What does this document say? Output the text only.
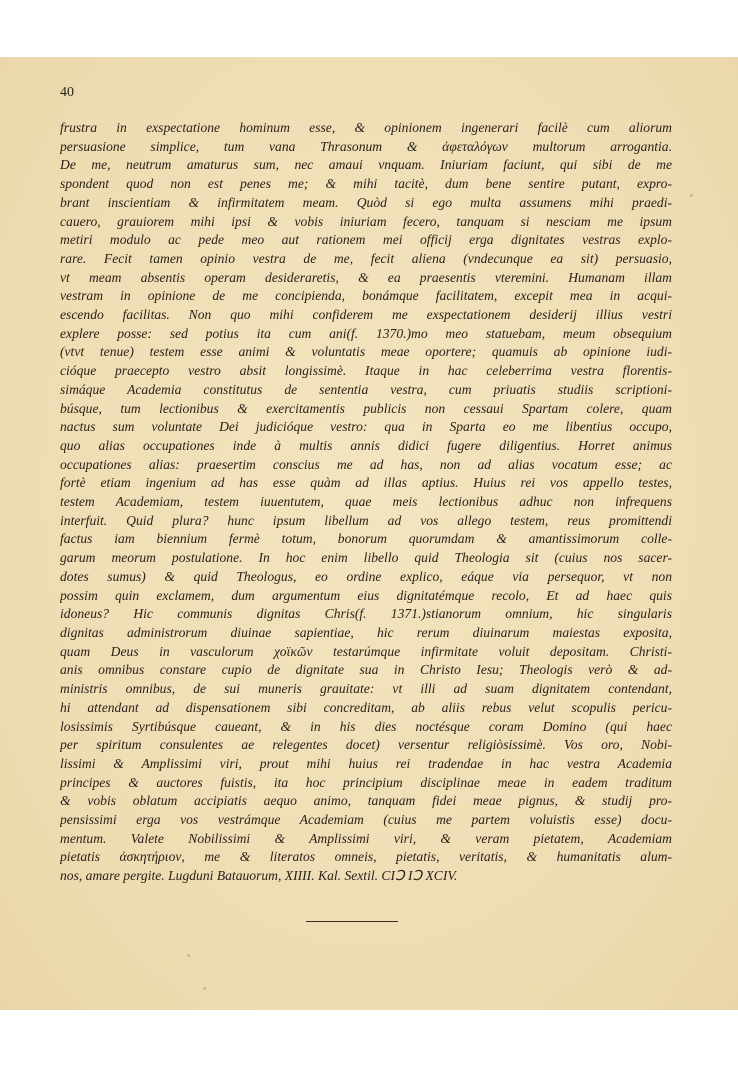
40
frustra in exspectatione hominum esse, & opinionem ingenerari facilè cum aliorum
persuasione simplice, tum vana Thrasonum & ἀφεταλόγων multorum arrogantia.
De me, neutrum amaturus sum, nec amaui vnquam. Iniuriam faciunt, qui sibi de me
spondent quod non est penes me; & mihi tacitè, dum bene sentire putant, expro-
brant inscientiam & infirmitatem meam. Quòd si ego multa assumens mihi praedi-
cauero, grauiorem mihi ipsi & vobis iniuriam fecero, tanquam si nesciam me ipsum
metiri modulo ac pede meo aut rationem mei officij erga dignitates vestras explo-
rare. Fecit tamen opinio vestra de me, fecit aliena (vndecunque ea sit) persuasio,
vt meam absentis operam desideraretis, & ea praesentis vteremini. Humanam illam
vestram in opinione de me concipienda, bonámque facilitatem, excepit mea in acqui-
escendo facilitas. Non quo mihi confiderem me exspectationem desiderij illius vestri
explere posse: sed potius ita cum ani(f. 1370.)mo meo statuebam, meum obsequium
(vtvt tenue) testem esse animi & voluntatis meae oportere; quamuis ab opinione iudi-
cióque praecepto vestro absit longissimè. Itaque in hac celeberrima vestra florentis-
simáque Academia constitutus de sententia vestra, cum priuatis studiis scriptioni-
búsque, tum lectionibus & exercitamentis publicis non cessaui Spartam colere, quam
nactus sum voluntate Dei judicióque vestro: qua in Sparta eo me libentius occupo,
quo alias occupationes inde à multis annis didici fugere diligentius. Horret animus
occupationes alias: praesertim conscius me ad has, non ad alias vocatum esse; ac
fortè etiam ingenium ad has esse quàm ad illas aptius. Huius rei vos appello testes,
testem Academiam, testem iuuentutem, quae meis lectionibus adhuc non infrequens
interfuit. Quid plura? hunc ipsum libellum ad vos allego testem, reus promittendi
factus iam biennium fermè totum, bonorum quorumdam & amantissimorum colle-
garum meorum postulatione. In hoc enim libello quid Theologia sit (cuius nos sacer-
dotes sumus) & quid Theologus, eo ordine explico, eáque via persequor, vt non
possim quin exclamem, dum argumentum eius dignitatémque recolo, Et ad haec quis
idoneus? Hic communis dignitas Chris(f. 1371.)stianorum omnium, hic singularis
dignitas administrorum diuinae sapientiae, hic rerum diuinarum maiestas exposita,
quam Deus in vasculorum χοϊκῶν testarúmque infirmitate voluit depositam. Christi-
anis omnibus constare cupio de dignitate sua in Christo Iesu; Theologis verò & ad-
ministris omnibus, de sui muneris grauitate: vt illi ad suam dignitatem contendant,
hi attendant ad dispensationem sibi concreditam, ab aliis rebus velut scopulis pericu-
losissimis Syrtibúsque caueant, & in his dies noctésque coram Domino (qui haec
per spiritum consulentes ae relegentes docet) versentur religiòsissimè. Vos oro, Nobi-
lissimi & Amplissimi viri, prout mihi huius rei tradendae in hac vestra Academia
principes & auctores fuistis, ita hoc principium disciplinae meae in eadem traditum
& vobis oblatum accipiatis aequo animo, tanquam fidei meae pignus, & studij pro-
pensissimi erga vos vestrámque Academiam (cuius me partem voluistis esse) docu-
mentum. Valete Nobilissimi & Amplissimi viri, & veram pietatem, Academiam
pietatis ἀσκητήριον, me & literatos omneis, pietatis, veritatis, & humanitatis alum-
nos, amare pergite. Lugduni Batauorum, XIIII. Kal. Sextil. CIↃ IↃ XCIV.
